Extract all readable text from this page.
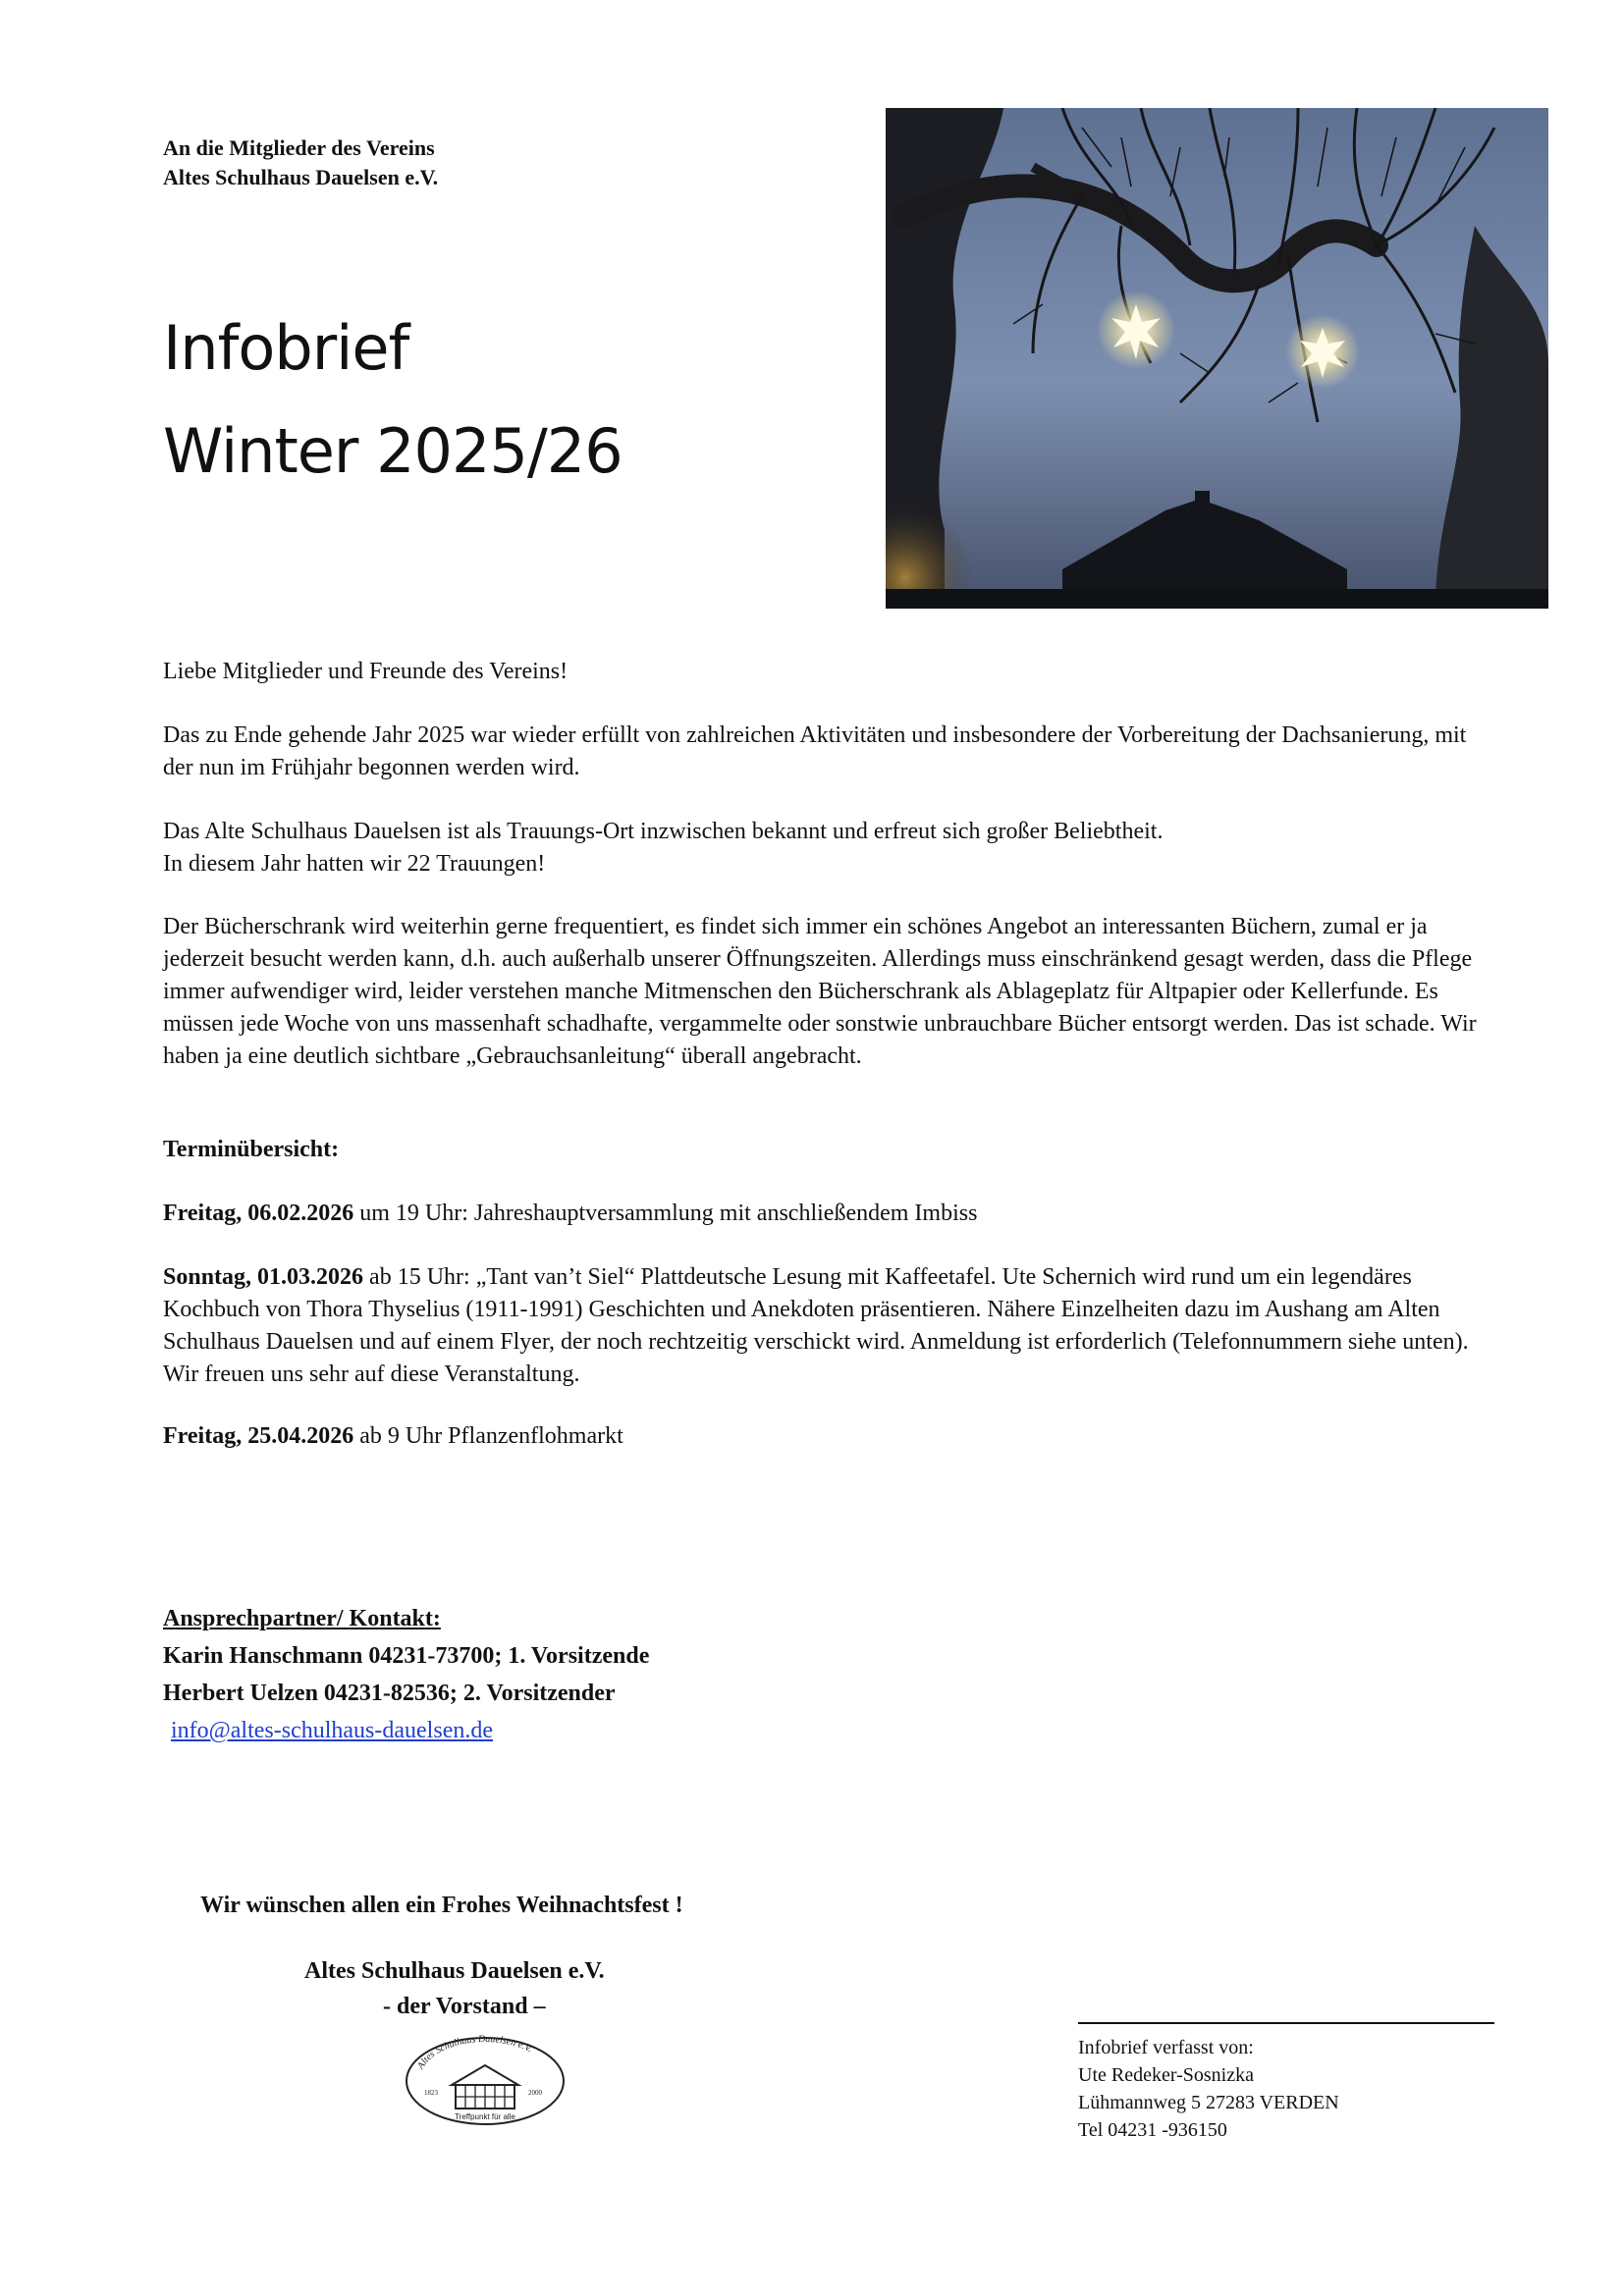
An die Mitglieder des Vereins
Altes Schulhaus Dauelsen e.V.
Infobrief
Winter 2025/26
Liebe Mitglieder und Freunde des Vereins!
Das zu Ende gehende Jahr 2025 war wieder erfüllt von zahlreichen Aktivitäten und insbesondere der Vorbereitung der Dachsanierung, mit der nun im Frühjahr begonnen werden wird.

Das Alte Schulhaus Dauelsen ist als Trauungs-Ort inzwischen bekannt und erfreut sich großer Beliebtheit.

In diesem Jahr hatten wir 22 Trauungen!

Der Bücherschrank wird weiterhin gerne frequentiert, es findet sich immer ein schönes Angebot an interessanten Büchern, zumal er ja jederzeit besucht werden kann, d.h. auch außerhalb unserer Öffnungszeiten. Allerdings muss einschränkend gesagt werden, dass die Pflege immer aufwendiger wird, leider verstehen manche Mitmenschen den Bücherschrank als Ablageplatz für Altpapier oder Kellerfunde. Es müssen jede Woche von uns massenhaft schadhafte, vergammelte oder sonstwie unbrauchbare Bücher entsorgt werden. Das ist schade. Wir haben ja eine deutlich sichtbare „Gebrauchsanleitung“ überall angebracht.
Terminübersicht:
Freitag, 06.02.2026 um 19 Uhr: Jahreshauptversammlung mit anschließendem Imbiss
Sonntag, 01.03.2026 ab 15 Uhr: „Tant van’t Siel“ Plattdeutsche Lesung mit Kaffeetafel. Ute Schernich wird rund um ein legendäres Kochbuch von Thora Thyselius (1911-1991) Geschichten und Anekdoten präsentieren. Nähere Einzelheiten dazu im Aushang am Alten Schulhaus Dauelsen und auf einem Flyer, der noch rechtzeitig verschickt wird. Anmeldung ist erforderlich (Telefonnummern siehe unten). Wir freuen uns sehr auf diese Veranstaltung.
Freitag, 25.04.2026 ab 9 Uhr Pflanzenflohmarkt
Ansprechpartner/ Kontakt:
Karin Hanschmann 04231-73700; 1. Vorsitzende
Herbert Uelzen 04231-82536; 2. Vorsitzender
info@altes-schulhaus-dauelsen.de
Wir wünschen allen ein Frohes Weihnachtsfest !
Altes Schulhaus Dauelsen e.V.
- der Vorstand –
Altes Schulhaus Dauelsen e.V.
1823	2000
Treffpunkt für alle
Infobrief verfasst von:
Ute Redeker-Sosnizka
Lühmannweg 5 27283 VERDEN
Tel 04231 -936150
